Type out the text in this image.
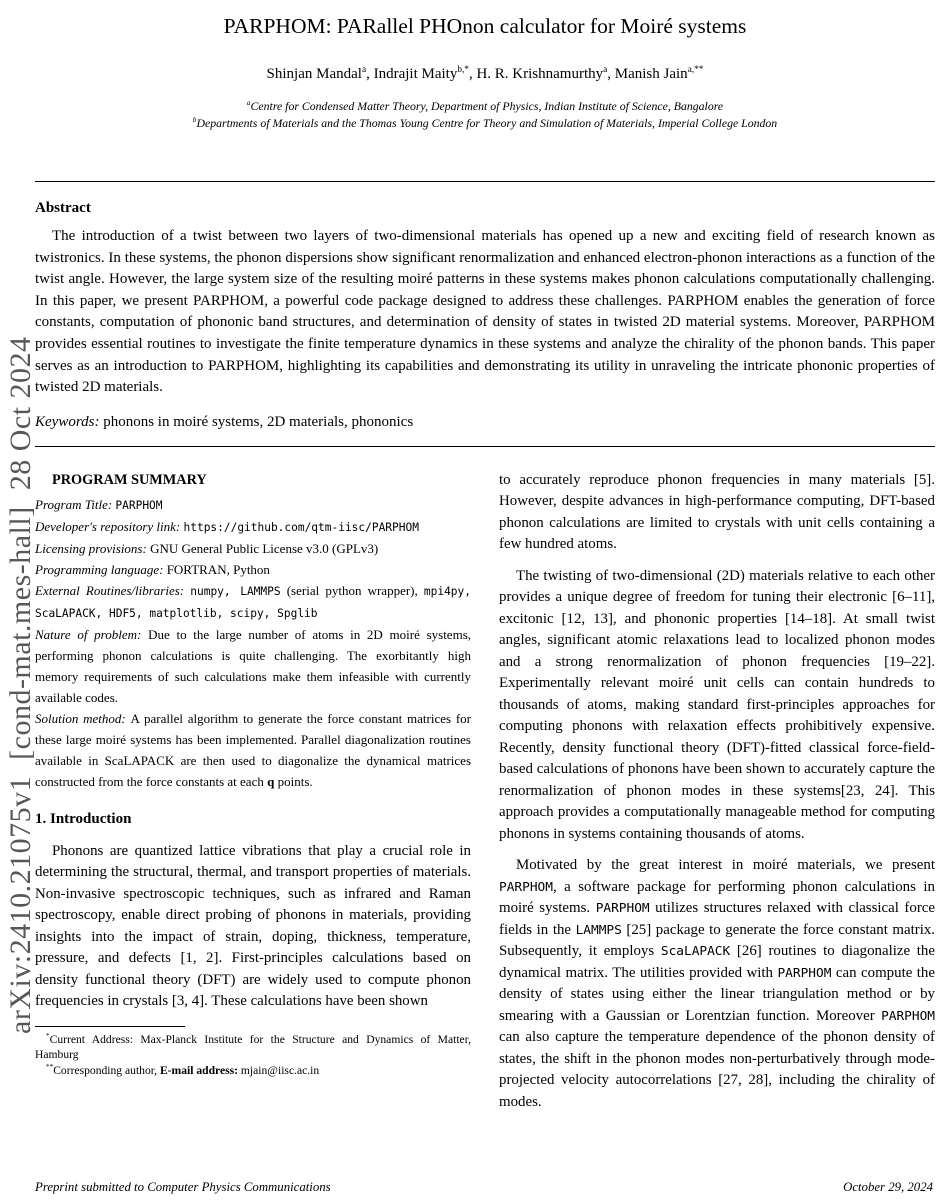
arXiv:2410.21075v1  [cond-mat.mes-hall]  28 Oct 2024
PARPHOM: PARallel PHOnon calculator for Moiré systems
Shinjan Mandal$^a$, Indrajit Maity$^{b,*}$, H. R. Krishnamurthy$^a$, Manish Jain$^{a,**}$
$^a$Centre for Condensed Matter Theory, Department of Physics, Indian Institute of Science, Bangalore
$^b$Departments of Materials and the Thomas Young Centre for Theory and Simulation of Materials, Imperial College London
Abstract

The introduction of a twist between two layers of two-dimensional materials has opened up a new and exciting field of research known as twistronics. In these systems, the phonon dispersions show significant renormalization and enhanced electron-phonon interactions as a function of the twist angle. However, the large system size of the resulting moiré patterns in these systems makes phonon calculations computationally challenging. In this paper, we present PARPHOM, a powerful code package designed to address these challenges. PARPHOM enables the generation of force constants, computation of phononic band structures, and determination of density of states in twisted 2D material systems. Moreover, PARPHOM provides essential routines to investigate the finite temperature dynamics in these systems and analyze the chirality of the phonon bands. This paper serves as an introduction to PARPHOM, highlighting its capabilities and demonstrating its utility in unraveling the intricate phononic properties of twisted 2D materials.

Keywords: phonons in moiré systems, 2D materials, phononics

PROGRAM SUMMARY

Program Title: PARPHOM

Developer's repository link: https://github.com/qtm-iisc/PARPHOM

Licensing provisions: GNU General Public License v3.0 (GPLv3)

Programming language: FORTRAN, Python

External Routines/libraries: numpy, LAMMPS (serial python wrapper), mpi4py, ScaLAPACK, HDF5, matplotlib, scipy, Spglib

Nature of problem: Due to the large number of atoms in 2D moiré systems, performing phonon calculations is quite challenging. The exorbitantly high memory requirements of such calculations make them infeasible with currently available codes.

Solution method: A parallel algorithm to generate the force constant matrices for these large moiré systems has been implemented. Parallel diagonalization routines available in ScaLAPACK are then used to diagonalize the dynamical matrices constructed from the force constants at each q points.

1. Introduction

Phonons are quantized lattice vibrations that play a crucial role in determining the structural, thermal, and transport properties of materials. Non-invasive spectroscopic techniques, such as infrared and Raman spectroscopy, enable direct probing of phonons in materials, providing insights into the impact of strain, doping, thickness, temperature, pressure, and defects [1, 2]. First-principles calculations based on density functional theory (DFT) are widely used to compute phonon frequencies in crystals [3, 4]. These calculations have been shown

*Current Address: Max-Planck Institute for the Structure and Dynamics of Matter, Hamburg

**Corresponding author, E-mail address: mjain@iisc.ac.in

to accurately reproduce phonon frequencies in many materials [5]. However, despite advances in high-performance computing, DFT-based phonon calculations are limited to crystals with unit cells containing a few hundred atoms.

The twisting of two-dimensional (2D) materials relative to each other provides a unique degree of freedom for tuning their electronic [6–11], excitonic [12, 13], and phononic properties [14–18]. At small twist angles, significant atomic relaxations lead to localized phonon modes and a strong renormalization of phonon frequencies [19–22]. Experimentally relevant moiré unit cells can contain hundreds to thousands of atoms, making standard first-principles approaches for computing phonons with relaxation effects prohibitively expensive. Recently, density functional theory (DFT)-fitted classical force-field-based calculations of phonons have been shown to accurately capture the renormalization of phonon modes in these systems[23, 24]. This approach provides a computationally manageable method for computing phonons in systems containing thousands of atoms.

Motivated by the great interest in moiré materials, we present PARPHOM, a software package for performing phonon calculations in moiré systems. PARPHOM utilizes structures relaxed with classical force fields in the LAMMPS [25] package to generate the force constant matrix. Subsequently, it employs ScaLAPACK [26] routines to diagonalize the dynamical matrix. The utilities provided with PARPHOM can compute the density of states using either the linear triangulation method or by smearing with a Gaussian or Lorentzian function. Moreover PARPHOM can also capture the temperature dependence of the phonon density of states, the shift in the phonon modes non-perturbatively through mode-projected velocity autocorrelations [27, 28], including the chirality of modes.

Preprint submitted to Computer Physics Communications	October 29, 2024
